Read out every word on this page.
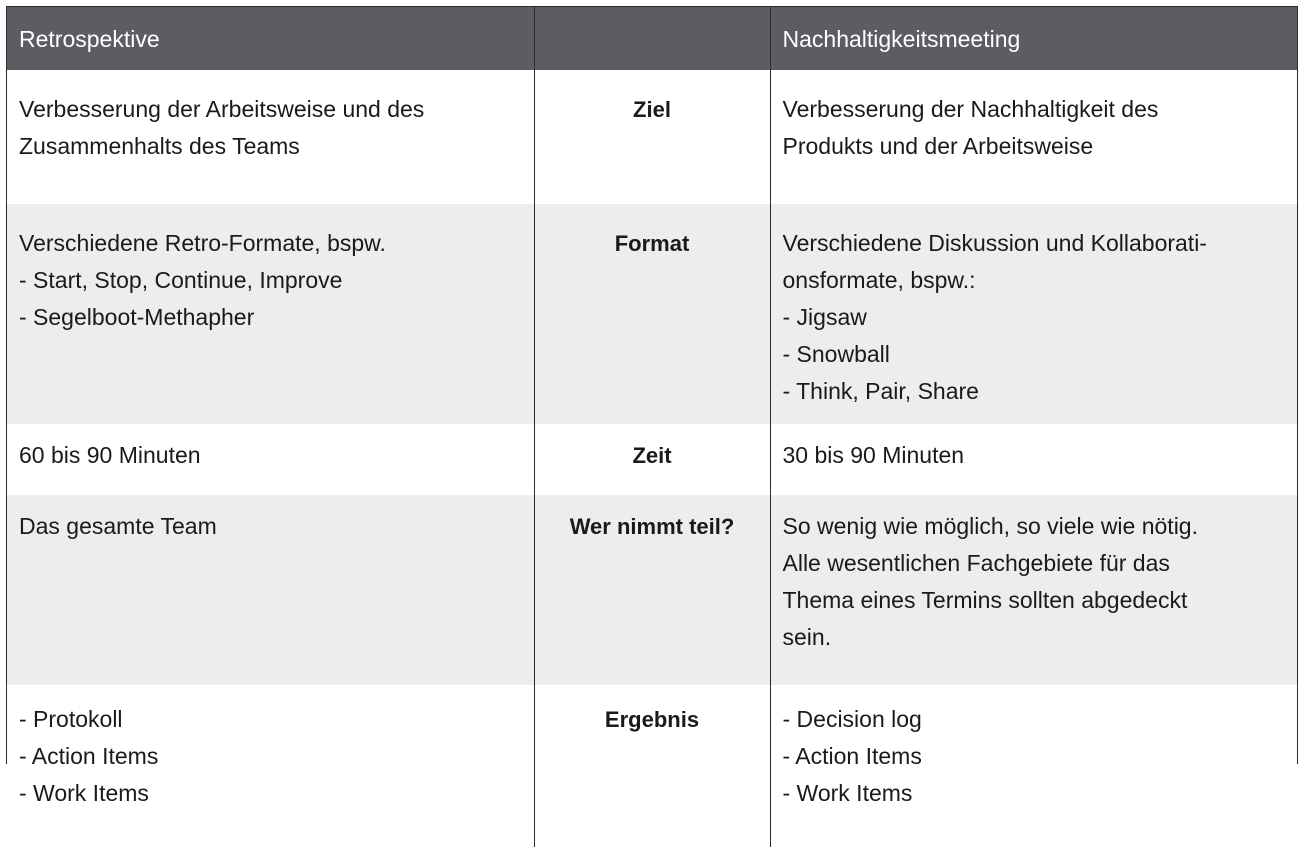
Retrospektive		Nachhaltigkeitsmeeting

Verbesserung der Arbeitsweise und des
Zusammenhalts des Teams	Ziel	Verbesserung der Nachhaltigkeit des
Produkts und der Arbeitsweise

Verschiedene Retro-Formate, bspw.
- Start, Stop, Continue, Improve
- Segelboot-Methapher	Format	Verschiedene Diskussion und Kollaborati-
onsformate, bspw.:
- Jigsaw
- Snowball
- Think, Pair, Share

60 bis 90 Minuten	Zeit	30 bis 90 Minuten

Das gesamte Team	Wer nimmt teil?	So wenig wie möglich, so viele wie nötig.
Alle wesentlichen Fachgebiete für das
Thema eines Termins sollten abgedeckt
sein.

- Protokoll
- Action Items
- Work Items	Ergebnis	- Decision log
- Action Items
- Work Items
